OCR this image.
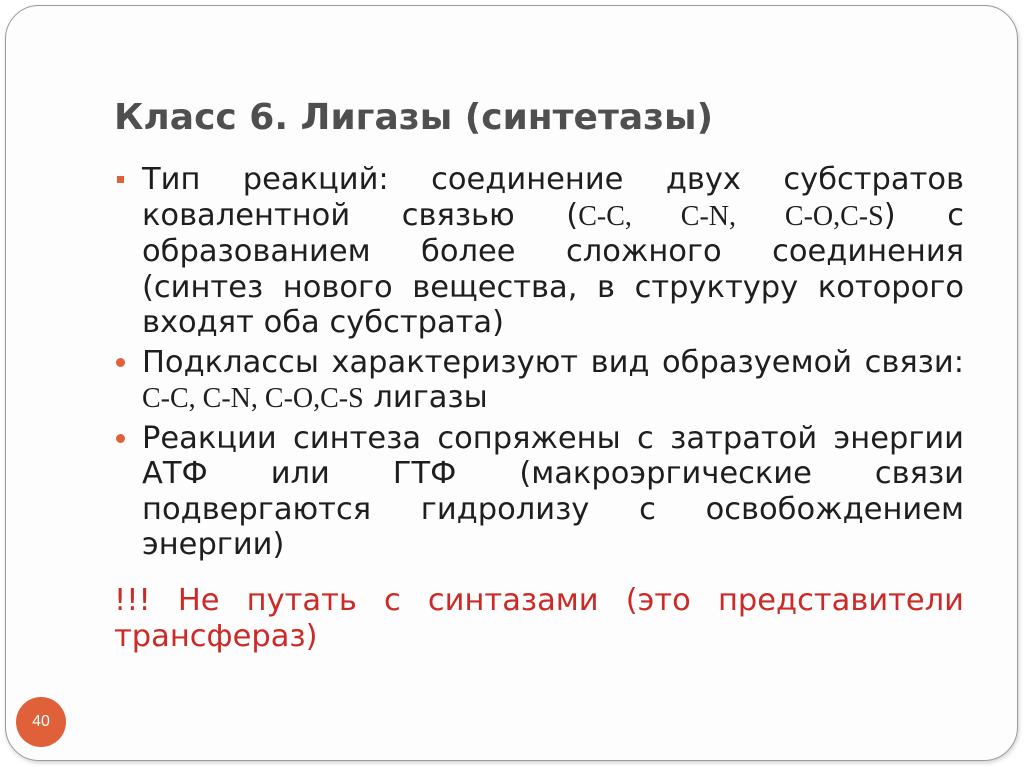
Класс 6. Лигазы (синтетазы)
Тип реакций: соединение двух субстратов ковалентной связью (C-C, C-N, C-O,C-S) с образованием более сложного соединения (синтез нового вещества, в структуру которого входят оба субстрата)
Подклассы характеризуют вид образуемой связи: C-C, C-N, C-O,C-S лигазы
Реакции синтеза сопряжены с затратой энергии АТФ или ГТФ (макроэргические связи подвергаются гидролизу с освобождением энергии)
!!! Не путать с синтазами (это представители трансфераз)
40
